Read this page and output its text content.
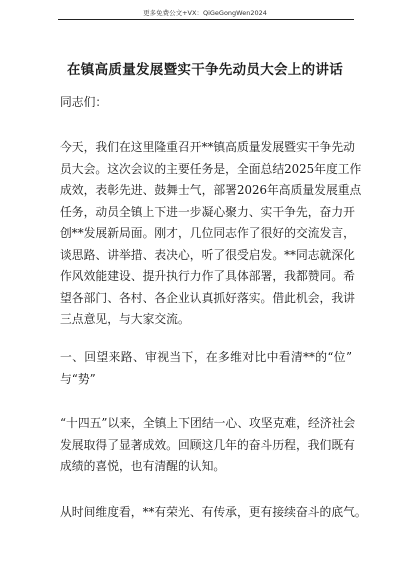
更多免费公文+VX：QiGeGongWen2024
在镇高质量发展暨实干争先动员大会上的讲话
同志们：
今天，我们在这里隆重召开**镇高质量发展暨实干争先动
员大会。这次会议的主要任务是，全面总结2025年度工作
成效，表彰先进、鼓舞士气，部署2026年高质量发展重点
任务，动员全镇上下进一步凝心聚力、实干争先，奋力开
创**发展新局面。刚才，几位同志作了很好的交流发言，
谈思路、讲举措、表决心，听了很受启发。**同志就深化
作风效能建设、提升执行力作了具体部署，我都赞同。希
望各部门、各村、各企业认真抓好落实。借此机会，我讲
三点意见，与大家交流。
一、回望来路、审视当下，在多维对比中看清**的“位”
与“势”
“十四五”以来，全镇上下团结一心、攻坚克难，经济社会
发展取得了显著成效。回顾这几年的奋斗历程，我们既有
成绩的喜悦，也有清醒的认知。
从时间维度看，**有荣光、有传承，更有接续奋斗的底气。
